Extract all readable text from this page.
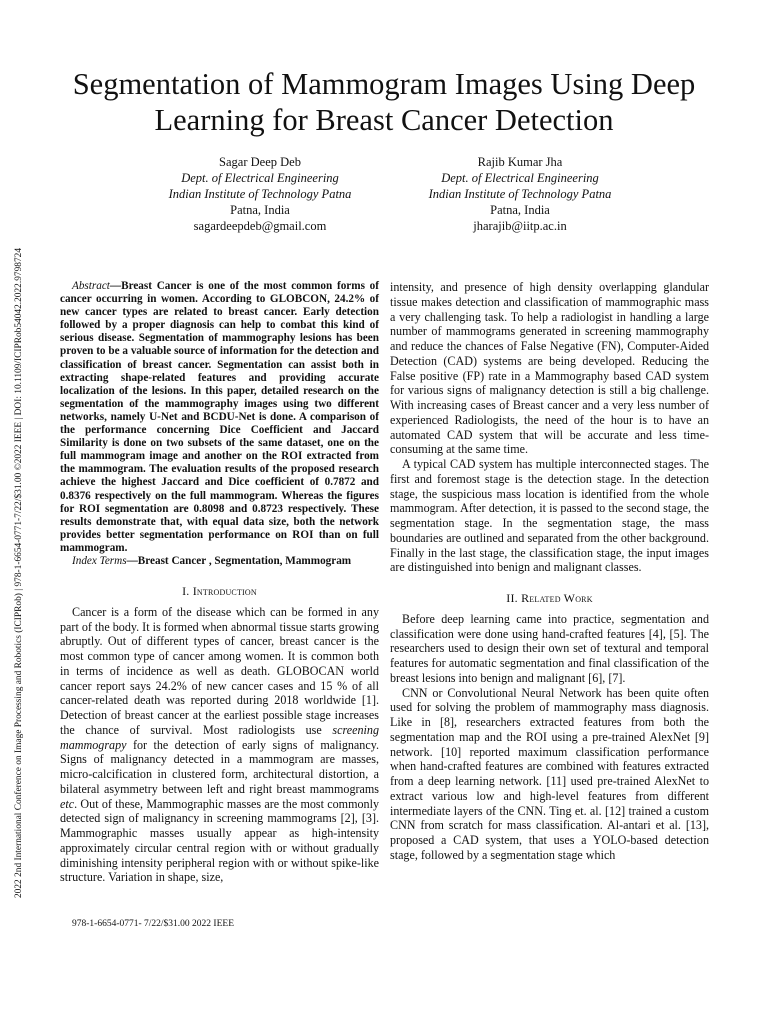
Segmentation of Mammogram Images Using Deep Learning for Breast Cancer Detection
Sagar Deep Deb
Dept. of Electrical Engineering
Indian Institute of Technology Patna
Patna, India
sagardeepdeb@gmail.com
Rajib Kumar Jha
Dept. of Electrical Engineering
Indian Institute of Technology Patna
Patna, India
jharajib@iitp.ac.in
2022 2nd International Conference on Image Processing and Robotics (ICIPRob) | 978-1-6654-0771-7/22/$31.00 ©2022 IEEE | DOI: 10.1109/ICIPRob54042.2022.9798724	Abstract—Breast Cancer is one of the most common forms of cancer occurring in women. According to GLOBCON, 24.2% of new cancer types are related to breast cancer. Early detection followed by a proper diagnosis can help to combat this kind of serious disease. Segmentation of mammography lesions has been proven to be a valuable source of information for the detection and classification of breast cancer. Segmentation can assist both in extracting shape-related features and providing accurate localization of the lesions. In this paper, detailed research on the segmentation of the mammography images using two different networks, namely U-Net and BCDU-Net is done. A comparison of the performance concerning Dice Coefficient and Jaccard Similarity is done on two subsets of the same dataset, one on the full mammogram image and another on the ROI extracted from the mammogram. The evaluation results of the proposed research achieve the highest Jaccard and Dice coefficient of 0.7872 and 0.8376 respectively on the full mammogram. Whereas the figures for ROI segmentation are 0.8098 and 0.8723 respectively. These results demonstrate that, with equal data size, both the network provides better segmentation performance on ROI than on full mammogram.

Index Terms—Breast Cancer , Segmentation, Mammogram

I. Introduction

Cancer is a form of the disease which can be formed in any part of the body. It is formed when abnormal tissue starts growing abruptly. Out of different types of cancer, breast cancer is the most common type of cancer among women. It is common both in terms of incidence as well as death. GLOBOCAN world cancer report says 24.2% of new cancer cases and 15 % of all cancer-related death was reported during 2018 worldwide [1]. Detection of breast cancer at the earliest possible stage increases the chance of survival. Most radiologists use screening mammograpy for the detection of early signs of malignancy. Signs of malignancy detected in a mammogram are masses, micro-calcification in clustered form, architectural distortion, a bilateral asymmetry between left and right breast mammograms etc. Out of these, Mammographic masses are the most commonly detected sign of malignancy in screening mammograms [2], [3]. Mammographic masses usually appear as high-intensity approximately circular central region with or without gradually diminishing intensity peripheral region with or without spike-like structure. Variation in shape, size,

intensity, and presence of high density overlapping glandular tissue makes detection and classification of mammographic mass a very challenging task. To help a radiologist in handling a large number of mammograms generated in screening mammography and reduce the chances of False Negative (FN), Computer-Aided Detection (CAD) systems are being developed. Reducing the False positive (FP) rate in a Mammography based CAD system for various signs of malignancy detection is still a big challenge. With increasing cases of Breast cancer and a very less number of experienced Radiologists, the need of the hour is to have an automated CAD system that will be accurate and less time-consuming at the same time.

A typical CAD system has multiple interconnected stages. The first and foremost stage is the detection stage. In the detection stage, the suspicious mass location is identified from the whole mammogram. After detection, it is passed to the second stage, the segmentation stage. In the segmentation stage, the mass boundaries are outlined and separated from the other background. Finally in the last stage, the classification stage, the input images are distinguished into benign and malignant classes.

II. Related Work

Before deep learning came into practice, segmentation and classification were done using hand-crafted features [4], [5]. The researchers used to design their own set of textural and temporal features for automatic segmentation and final classification of the breast lesions into benign and malignant [6], [7].

CNN or Convolutional Neural Network has been quite often used for solving the problem of mammography mass diagnosis. Like in [8], researchers extracted features from both the segmentation map and the ROI using a pre-trained AlexNet [9] network. [10] reported maximum classification performance when hand-crafted features are combined with features extracted from a deep learning network. [11] used pre-trained AlexNet to extract various low and high-level features from different intermediate layers of the CNN. Ting et. al. [12] trained a custom CNN from scratch for mass classification. Al-antari et al. [13], proposed a CAD system, that uses a YOLO-based detection stage, followed by a segmentation stage which

978-1-6654-0771- 7/22/$31.00 2022 IEEE
